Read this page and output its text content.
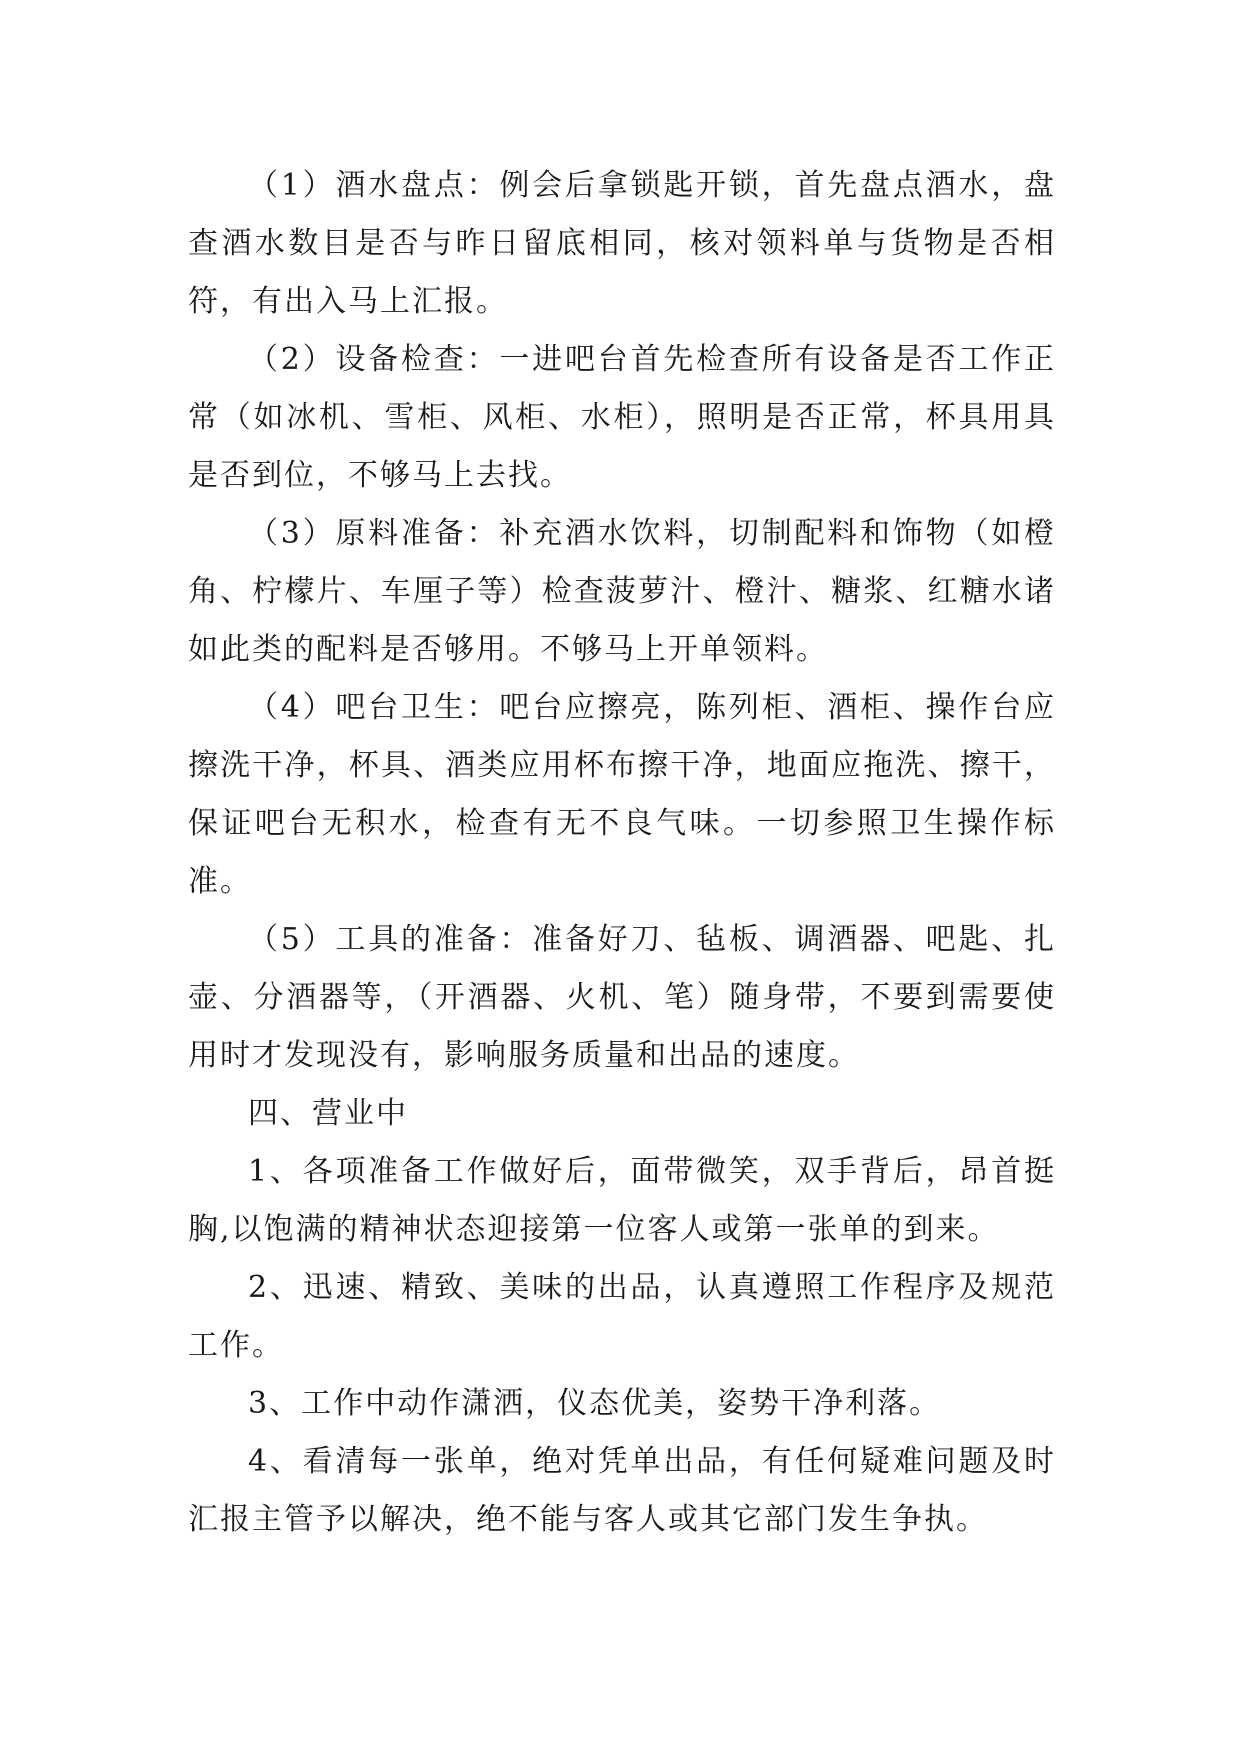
（1）酒水盘点：例会后拿锁匙开锁，首先盘点酒水，盘查酒水数目是否与昨日留底相同，核对领料单与货物是否相符，有出入马上汇报。

（2）设备检查：一进吧台首先检查所有设备是否工作正常（如冰机、雪柜、风柜、水柜），照明是否正常，杯具用具是否到位，不够马上去找。

（3）原料准备：补充酒水饮料，切制配料和饰物（如橙角、柠檬片、车厘子等）检查菠萝汁、橙汁、糖浆、红糖水诸如此类的配料是否够用。不够马上开单领料。

（4）吧台卫生：吧台应擦亮，陈列柜、酒柜、操作台应擦洗干净，杯具、酒类应用杯布擦干净，地面应拖洗、擦干，保证吧台无积水，检查有无不良气味。一切参照卫生操作标准。

（5）工具的准备：准备好刀、毡板、调酒器、吧匙、扎壶、分酒器等，（开酒器、火机、笔）随身带，不要到需要使用时才发现没有，影响服务质量和出品的速度。

四、营业中

1、各项准备工作做好后，面带微笑，双手背后，昂首挺胸,以饱满的精神状态迎接第一位客人或第一张单的到来。

2、迅速、精致、美味的出品，认真遵照工作程序及规范工作。

3、工作中动作潇洒，仪态优美，姿势干净利落。

4、看清每一张单，绝对凭单出品，有任何疑难问题及时汇报主管予以解决，绝不能与客人或其它部门发生争执。
